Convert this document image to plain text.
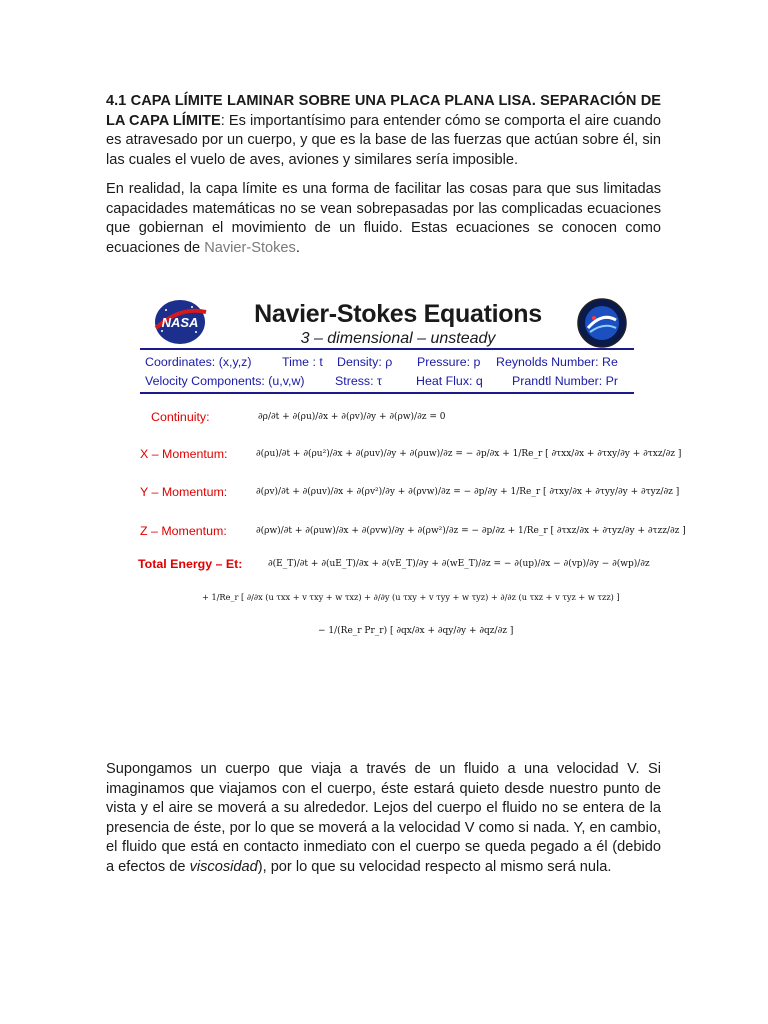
4.1 CAPA LÍMITE LAMINAR SOBRE UNA PLACA PLANA LISA. SEPARACIÓN DE LA CAPA LÍMITE: Es importantísimo para entender cómo se comporta el aire cuando es atravesado por un cuerpo, y que es la base de las fuerzas que actúan sobre él, sin las cuales el vuelo de aves, aviones y similares sería imposible.

En realidad, la capa límite es una forma de facilitar las cosas para que sus limitadas capacidades matemáticas no se vean sobrepasadas por las complicadas ecuaciones que gobiernan el movimiento de un fluido. Estas ecuaciones se conocen como ecuaciones de Navier-Stokes.

NASA	Navier-Stokes Equations
3 – dimensional – unsteady
Coordinates: (x,y,z) Time : t Density: ρ Pressure: p Reynolds Number: Re
Velocity Components: (u,v,w) Stress: τ	Heat Flux: q Prandtl Number: Pr
Continuity:	∂ρ/∂t + ∂(ρu)/∂x + ∂(ρv)/∂y + ∂(ρw)/∂z = 0
X – Momentum:	∂(ρu)/∂t + ∂(ρu²)/∂x + ∂(ρuv)/∂y + ∂(ρuw)/∂z = − ∂p/∂x + 1/Re_r [ ∂τxx/∂x + ∂τxy/∂y + ∂τxz/∂z ]
Y – Momentum:	∂(ρv)/∂t + ∂(ρuv)/∂x + ∂(ρv²)/∂y + ∂(ρvw)/∂z = − ∂p/∂y + 1/Re_r [ ∂τxy/∂x + ∂τyy/∂y + ∂τyz/∂z ]
Z – Momentum:	∂(ρw)/∂t + ∂(ρuw)/∂x + ∂(ρvw)/∂y + ∂(ρw²)/∂z = − ∂p/∂z + 1/Re_r [ ∂τxz/∂x + ∂τyz/∂y + ∂τzz/∂z ]
Total Energy – Et:	∂(E_T)/∂t + ∂(uE_T)/∂x + ∂(vE_T)/∂y + ∂(wE_T)/∂z = − ∂(up)/∂x − ∂(vp)/∂y − ∂(wp)/∂z
+ 1/Re_r [ ∂/∂x (u τxx + v τxy + w τxz) + ∂/∂y (u τxy + v τyy + w τyz) + ∂/∂z (u τxz + v τyz + w τzz) ]
− 1/(Re_r Pr_r) [ ∂qx/∂x + ∂qy/∂y + ∂qz/∂z ]

Supongamos un cuerpo que viaja a través de un fluido a una velocidad V. Si imaginamos que viajamos con el cuerpo, éste estará quieto desde nuestro punto de vista y el aire se moverá a su alrededor. Lejos del cuerpo el fluido no se entera de la presencia de éste, por lo que se moverá a la velocidad V como si nada. Y, en cambio, el fluido que está en contacto inmediato con el cuerpo se queda pegado a él (debido a efectos de viscosidad), por lo que su velocidad respecto al mismo será nula.
